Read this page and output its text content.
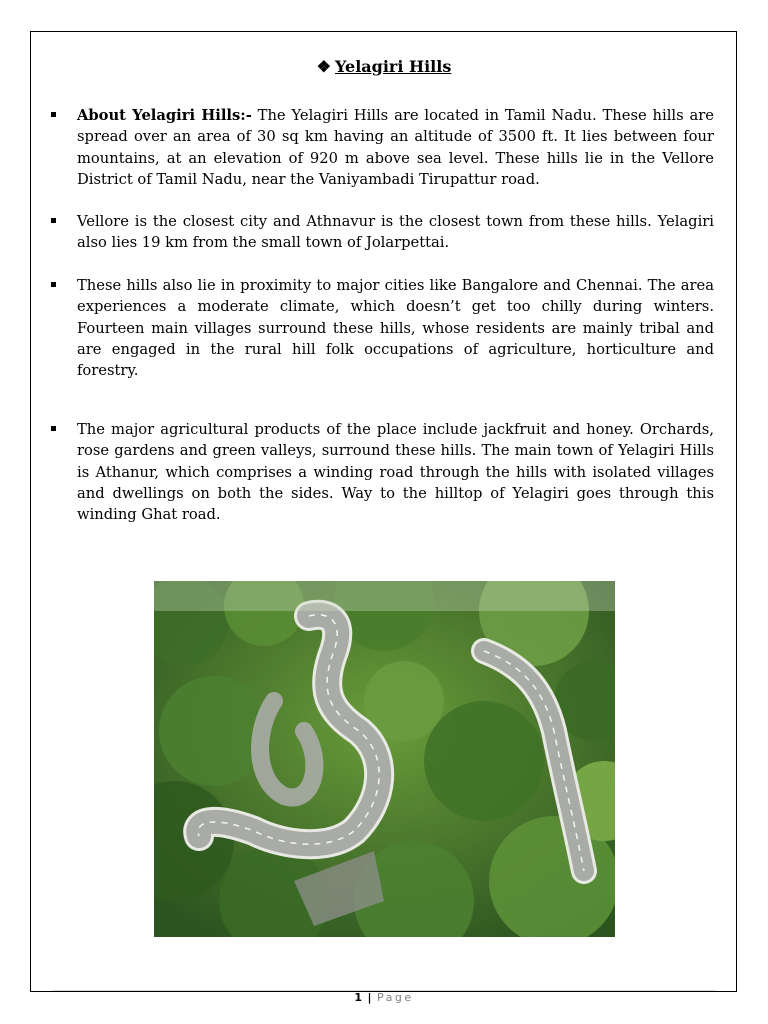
❖ Yelagiri Hills
About Yelagiri Hills:- The Yelagiri Hills are located in Tamil Nadu. These hills are spread over an area of 30 sq km having an altitude of 3500 ft. It lies between four mountains, at an elevation of 920 m above sea level. These hills lie in the Vellore District of Tamil Nadu, near the Vaniyambadi Tirupattur road.
Vellore is the closest city and Athnavur is the closest town from these hills. Yelagiri also lies 19 km from the small town of Jolarpettai.
These hills also lie in proximity to major cities like Bangalore and Chennai. The area experiences a moderate climate, which doesn’t get too chilly during winters. Fourteen main villages surround these hills, whose residents are mainly tribal and are engaged in the rural hill folk occupations of agriculture, horticulture and forestry.
The major agricultural products of the place include jackfruit and honey. Orchards, rose gardens and green valleys, surround these hills. The main town of Yelagiri Hills is Athanur, which comprises a winding road through the hills with isolated villages and dwellings on both the sides. Way to the hilltop of Yelagiri goes through this winding Ghat road.
1 | Page
